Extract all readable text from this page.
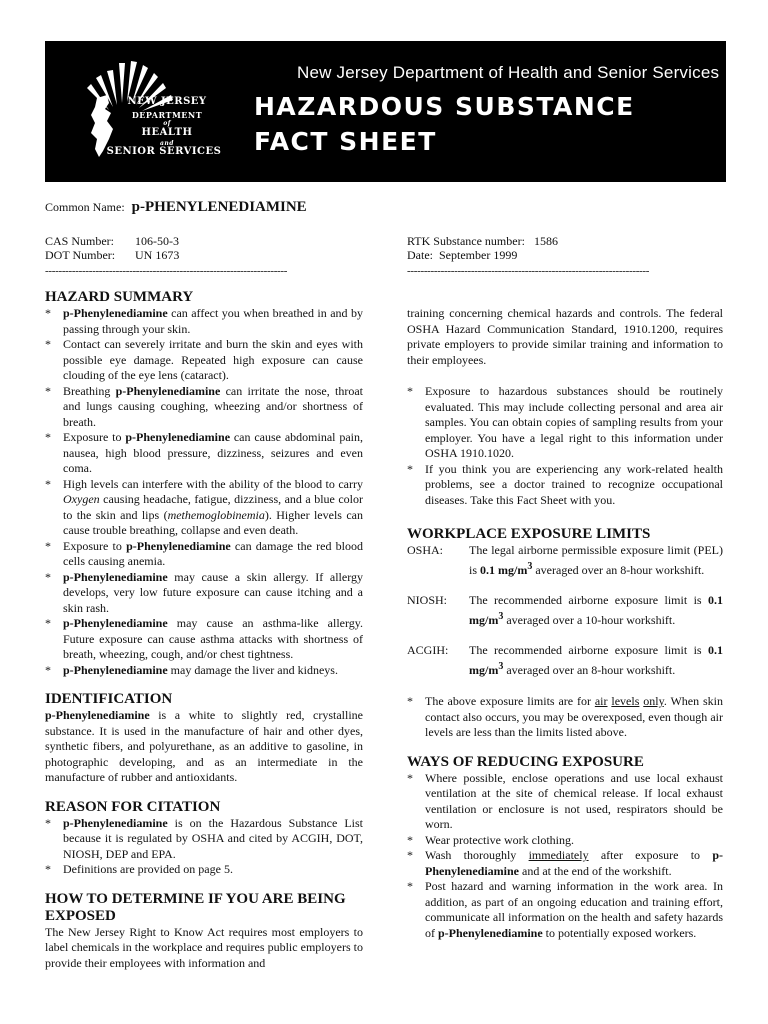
NEW JERSEY
DEPARTMENT
of
HEALTH
and
SENIOR SERVICES
New Jersey Department of Health and Senior Services
HAZARDOUS SUBSTANCE
FACT SHEET
Common Name: p-PHENYLENEDIAMINE
CAS Number: 106-50-3
DOT Number: UN 1673
RTK Substance number: 1586
Date: September 1999
------------------------------------------------------------------------	------------------------------------------------------------------------
HAZARD SUMMARY
* p-Phenylenediamine can affect you when breathed in and by passing through your skin.
* Contact can severely irritate and burn the skin and eyes with possible eye damage. Repeated high exposure can cause clouding of the eye lens (cataract).
* Breathing p-Phenylenediamine can irritate the nose, throat and lungs causing coughing, wheezing and/or shortness of breath.
* Exposure to p-Phenylenediamine can cause abdominal pain, nausea, high blood pressure, dizziness, seizures and even coma.
* High levels can interfere with the ability of the blood to carry Oxygen causing headache, fatigue, dizziness, and a blue color to the skin and lips (methemoglobinemia). Higher levels can cause trouble breathing, collapse and even death.
* Exposure to p-Phenylenediamine can damage the red blood cells causing anemia.
* p-Phenylenediamine may cause a skin allergy. If allergy develops, very low future exposure can cause itching and a skin rash.
* p-Phenylenediamine may cause an asthma-like allergy. Future exposure can cause asthma attacks with shortness of breath, wheezing, cough, and/or chest tightness.
* p-Phenylenediamine may damage the liver and kidneys.
IDENTIFICATION

p-Phenylenediamine is a white to slightly red, crystalline substance. It is used in the manufacture of hair and other dyes, synthetic fibers, and polyurethane, as an additive to gasoline, in photographic developing, and as an intermediate in the manufacture of rubber and antioxidants.

REASON FOR CITATION
* p-Phenylenediamine is on the Hazardous Substance List because it is regulated by OSHA and cited by ACGIH, DOT, NIOSH, DEP and EPA.
* Definitions are provided on page 5.
HOW TO DETERMINE IF YOU ARE BEING EXPOSED

The New Jersey Right to Know Act requires most employers to label chemicals in the workplace and requires public employers to provide their employees with information and

training concerning chemical hazards and controls. The federal OSHA Hazard Communication Standard, 1910.1200, requires private employers to provide similar training and information to their employees.

* Exposure to hazardous substances should be routinely evaluated. This may include collecting personal and area air samples. You can obtain copies of sampling results from your employer. You have a legal right to this information under OSHA 1910.1020.
* If you think you are experiencing any work-related health problems, see a doctor trained to recognize occupational diseases. Take this Fact Sheet with you.
WORKPLACE EXPOSURE LIMITS
OSHA:	The legal airborne permissible exposure limit (PEL) is 0.1 $mg/m^3$ averaged over an 8-hour workshift.
NIOSH:	The recommended airborne exposure limit is 0.1 $mg/m^3$ averaged over a 10-hour workshift.
ACGIH:	The recommended airborne exposure limit is 0.1 $mg/m^3$ averaged over an 8-hour workshift.
* The above exposure limits are for air levels only. When skin contact also occurs, you may be overexposed, even though air levels are less than the limits listed above.
WAYS OF REDUCING EXPOSURE
* Where possible, enclose operations and use local exhaust ventilation at the site of chemical release. If local exhaust ventilation or enclosure is not used, respirators should be worn.
* Wear protective work clothing.
* Wash thoroughly immediately after exposure to p-Phenylenediamine and at the end of the workshift.
* Post hazard and warning information in the work area. In addition, as part of an ongoing education and training effort, communicate all information on the health and safety hazards of p-Phenylenediamine to potentially exposed workers.
